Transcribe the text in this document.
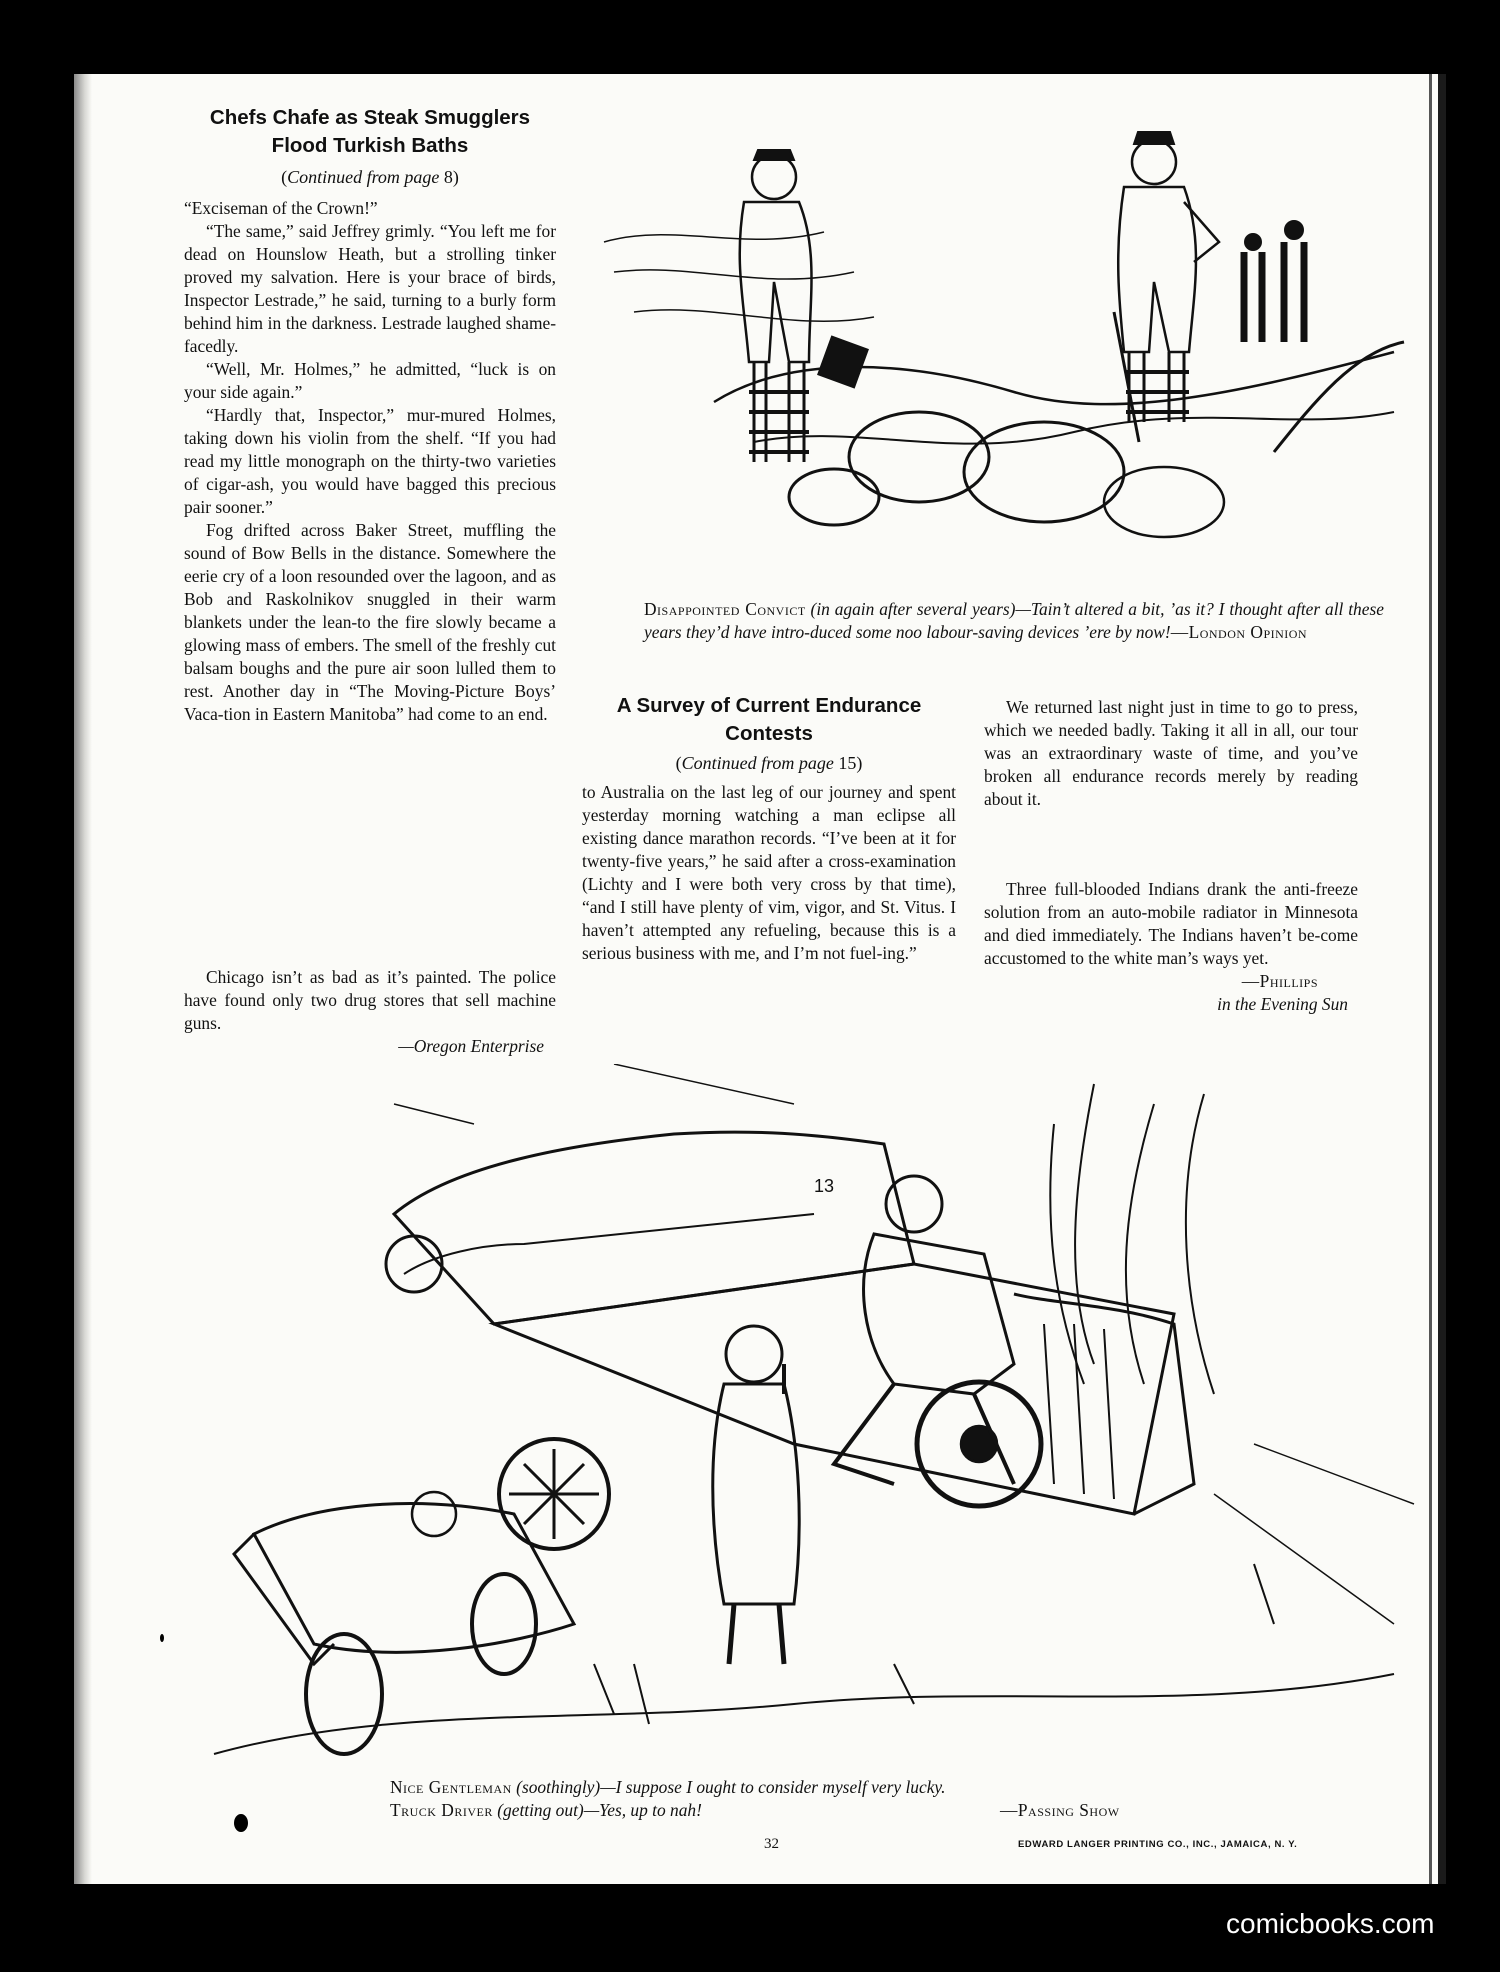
Chefs Chafe as Steak Smugglers
Flood Turkish Baths
(Continued from page 8)

“Exciseman of the Crown!”

“The same,” said Jeffrey grimly. “You left me for dead on Hounslow Heath, but a strolling tinker proved my salvation. Here is your brace of birds, Inspector Lestrade,” he said, turning to a burly form behind him in the darkness. Lestrade laughed shame-facedly.

“Well, Mr. Holmes,” he admitted, “luck is on your side again.”

“Hardly that, Inspector,” mur-mured Holmes, taking down his violin from the shelf. “If you had read my little monograph on the thirty-two varieties of cigar-ash, you would have bagged this precious pair sooner.”

Fog drifted across Baker Street, muffling the sound of Bow Bells in the distance. Somewhere the eerie cry of a loon resounded over the lagoon, and as Bob and Raskolnikov snuggled in their warm blankets under the lean-to the fire slowly became a glowing mass of embers. The smell of the freshly cut balsam boughs and the pure air soon lulled them to rest. Another day in “The Moving-Picture Boys’ Vaca-tion in Eastern Manitoba” had come to an end.

Chicago isn’t as bad as it’s painted. The police have found only two drug stores that sell machine guns.

—Oregon Enterprise
Disappointed Convict (in again after several years)—Tain’t altered a bit, ’as it? I thought after all these years they’d have intro-duced some noo labour-saving devices ’ere by now!—London Opinion
A Survey of Current Endurance
Contests
(Continued from page 15)

to Australia on the last leg of our journey and spent yesterday morning watching a man eclipse all existing dance marathon records. “I’ve been at it for twenty-five years,” he said after a cross-examination (Lichty and I were both very cross by that time), “and I still have plenty of vim, vigor, and St. Vitus. I haven’t attempted any refueling, because this is a serious business with me, and I’m not fuel-ing.”

We returned last night just in time to go to press, which we needed badly. Taking it all in all, our tour was an extraordinary waste of time, and you’ve broken all endurance records merely by reading about it.

Three full-blooded Indians drank the anti-freeze solution from an auto-mobile radiator in Minnesota and died immediately. The Indians haven’t be-come accustomed to the white man’s ways yet.

—Phillips
in the Evening Sun
13
Nice Gentleman (soothingly)—I suppose I ought to consider myself very lucky.
Truck Driver (getting out)—Yes, up to nah!	—Passing Show
32	EDWARD LANGER PRINTING CO., INC., JAMAICA, N. Y.
comicbooks.com
